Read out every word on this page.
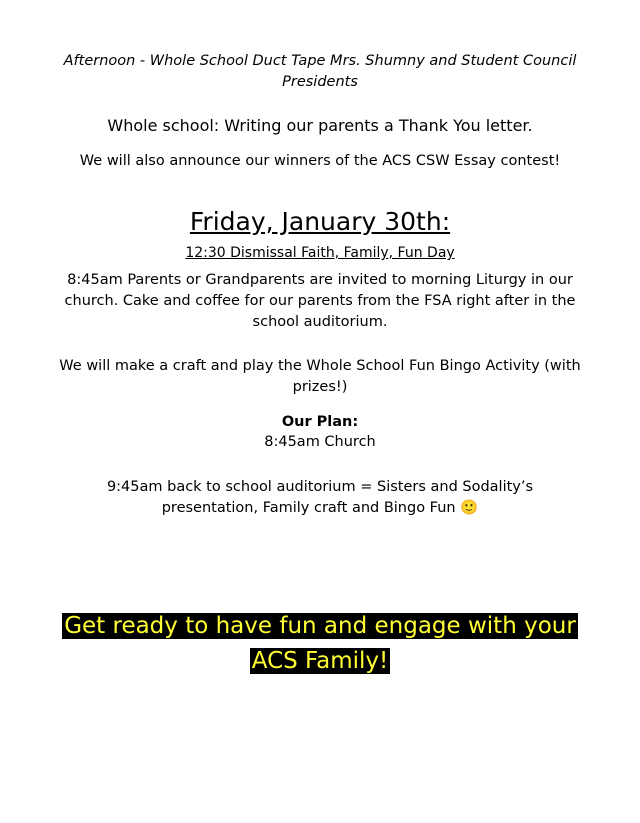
Afternoon - Whole School Duct Tape Mrs. Shumny and Student Council Presidents
Whole school: Writing our parents a Thank You letter.
We will also announce our winners of the ACS CSW Essay contest!
Friday, January 30th:
12:30 Dismissal Faith, Family, Fun Day
8:45am Parents or Grandparents are invited to morning Liturgy in our church. Cake and coffee for our parents from the FSA right after in the school auditorium.
We will make a craft and play the Whole School Fun Bingo Activity (with prizes!)
Our Plan:
8:45am Church
9:45am back to school auditorium = Sisters and Sodality’s presentation, Family craft and Bingo Fun 🙂
Get ready to have fun and engage with your
ACS Family!
